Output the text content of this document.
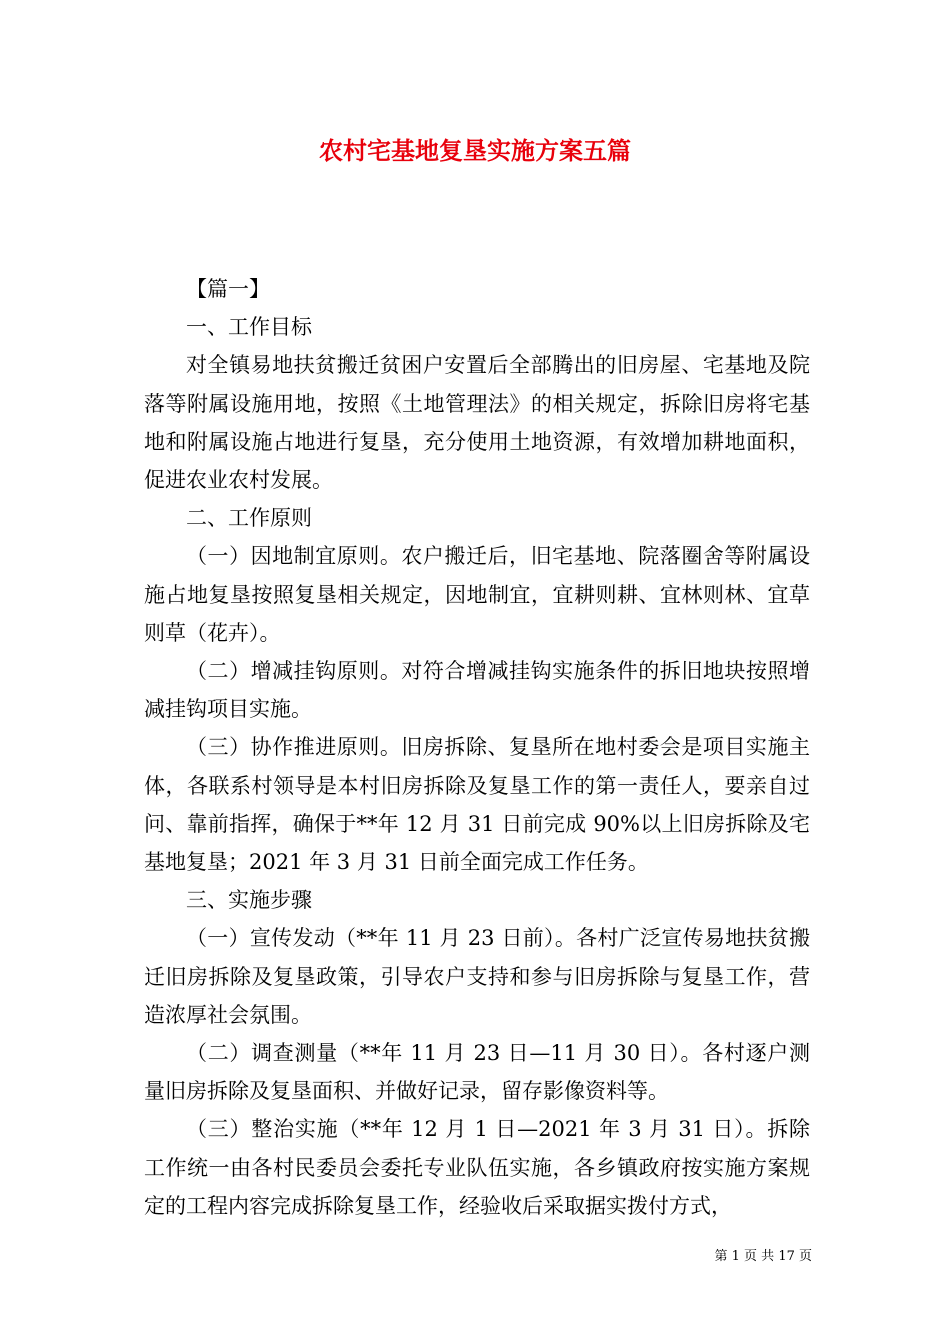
农村宅基地复垦实施方案五篇

【篇一】

一、工作目标

对全镇易地扶贫搬迁贫困户安置后全部腾出的旧房屋、宅基地及院落等附属设施用地，按照《土地管理法》的相关规定，拆除旧房将宅基地和附属设施占地进行复垦，充分使用土地资源，有效增加耕地面积，促进农业农村发展。

二、工作原则

（一）因地制宜原则。农户搬迁后，旧宅基地、院落圈舍等附属设施占地复垦按照复垦相关规定，因地制宜，宜耕则耕、宜林则林、宜草则草（花卉）。

（二）增减挂钩原则。对符合增减挂钩实施条件的拆旧地块按照增减挂钩项目实施。

（三）协作推进原则。旧房拆除、复垦所在地村委会是项目实施主体，各联系村领导是本村旧房拆除及复垦工作的第一责任人，要亲自过问、靠前指挥，确保于**年 12 月 31 日前完成 90%以上旧房拆除及宅基地复垦；2021 年 3 月 31 日前全面完成工作任务。

三、实施步骤

（一）宣传发动（**年 11 月 23 日前）。各村广泛宣传易地扶贫搬迁旧房拆除及复垦政策，引导农户支持和参与旧房拆除与复垦工作，营造浓厚社会氛围。

（二）调查测量（**年 11 月 23 日—11 月 30 日）。各村逐户测量旧房拆除及复垦面积、并做好记录，留存影像资料等。

（三）整治实施（**年 12 月 1 日—2021 年 3 月 31 日）。拆除工作统一由各村民委员会委托专业队伍实施，各乡镇政府按实施方案规定的工程内容完成拆除复垦工作，经验收后采取据实拨付方式，

第 1 页 共 17 页
